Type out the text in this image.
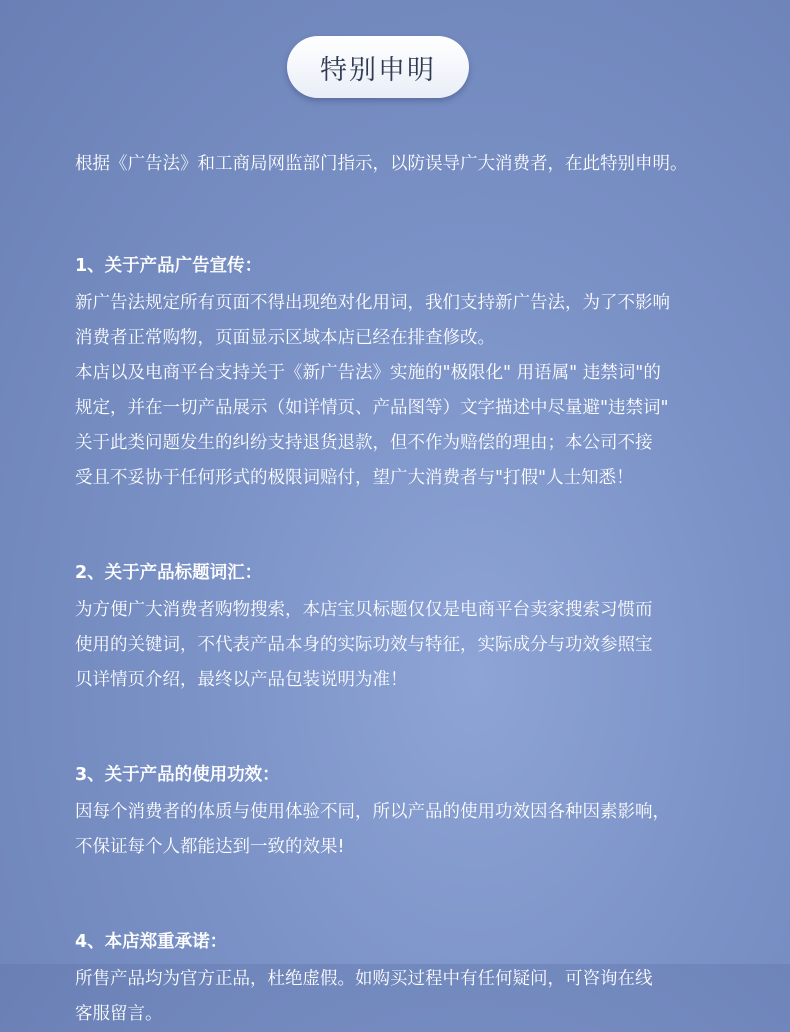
特别申明

根据《广告法》和工商局网监部门指示，以防误导广大消费者，在此特别申明。

1、关于产品广告宣传：

新广告法规定所有页面不得出现绝对化用词，我们支持新广告法，为了不影响

消费者正常购物，页面显示区域本店已经在排查修改。

本店以及电商平台支持关于《新广告法》实施的"极限化" 用语属" 违禁词"的

规定，并在一切产品展示（如详情页、产品图等）文字描述中尽量避"违禁词"

关于此类问题发生的纠纷支持退货退款，但不作为赔偿的理由；本公司不接

受且不妥协于任何形式的极限词赔付，望广大消费者与"打假"人士知悉！

2、关于产品标题词汇：

为方便广大消费者购物搜索，本店宝贝标题仅仅是电商平台卖家搜索习惯而

使用的关键词，不代表产品本身的实际功效与特征，实际成分与功效参照宝

贝详情页介绍，最终以产品包装说明为准！

3、关于产品的使用功效：

因每个消费者的体质与使用体验不同，所以产品的使用功效因各种因素影响，

不保证每个人都能达到一致的效果!

4、本店郑重承诺：

所售产品均为官方正品，杜绝虚假。如购买过程中有任何疑问，可咨询在线

客服留言。
